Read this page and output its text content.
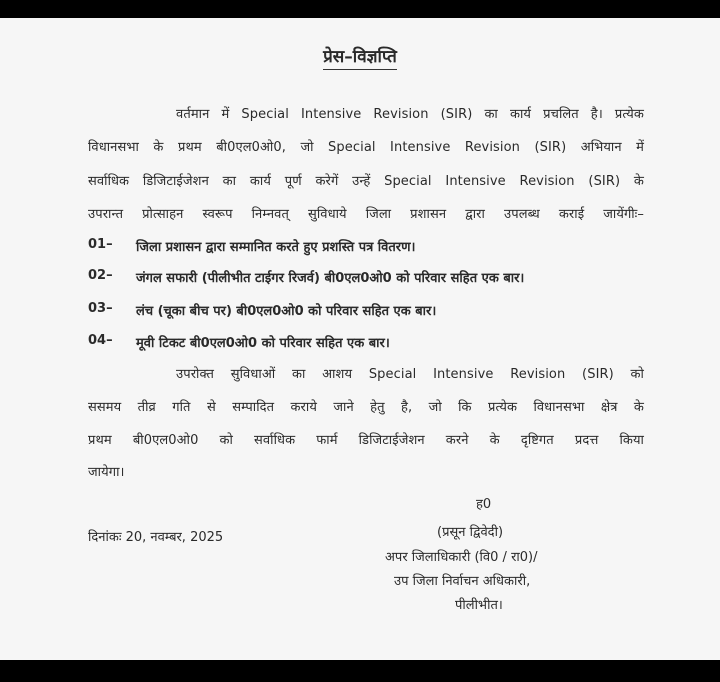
प्रेस–विज्ञप्ति
वर्तमान में Special Intensive Revision (SIR) का कार्य प्रचलित है। प्रत्येक
विधानसभा के प्रथम बी0एल0ओ0, जो Special Intensive Revision (SIR) अभियान में
सर्वाधिक डिजिटाईजेशन का कार्य पूर्ण करेगें उन्हें Special Intensive Revision (SIR) के
उपरान्त प्रोत्साहन स्वरूप निम्नवत् सुविधाये जिला प्रशासन द्वारा उपलब्ध कराई जायेंगीः–
01– जिला प्रशासन द्वारा सम्मानित करते हुए प्रशस्ति पत्र वितरण।
02– जंगल सफारी (पीलीभीत टाईगर रिजर्व) बी0एल0ओ0 को परिवार सहित एक बार।
03– लंच (चूका बीच पर) बी0एल0ओ0 को परिवार सहित एक बार।
04– मूवी टिकट बी0एल0ओ0 को परिवार सहित एक बार।
उपरोक्त सुविधाओं का आशय Special Intensive Revision (SIR) को
ससमय तीव्र गति से सम्पादित कराये जाने हेतु है, जो कि प्रत्येक विधानसभा क्षेत्र के
प्रथम बी0एल0ओ0 को सर्वाधिक फार्म डिजिटाईजेशन करने के दृष्टिगत प्रदत्त किया
जायेगा।
ह0
दिनांकः 20, नवम्बर, 2025	(प्रसून द्विवेदी)
अपर जिलाधिकारी (वि0 / रा0)/
उप जिला निर्वाचन अधिकारी,
पीलीभीत।
